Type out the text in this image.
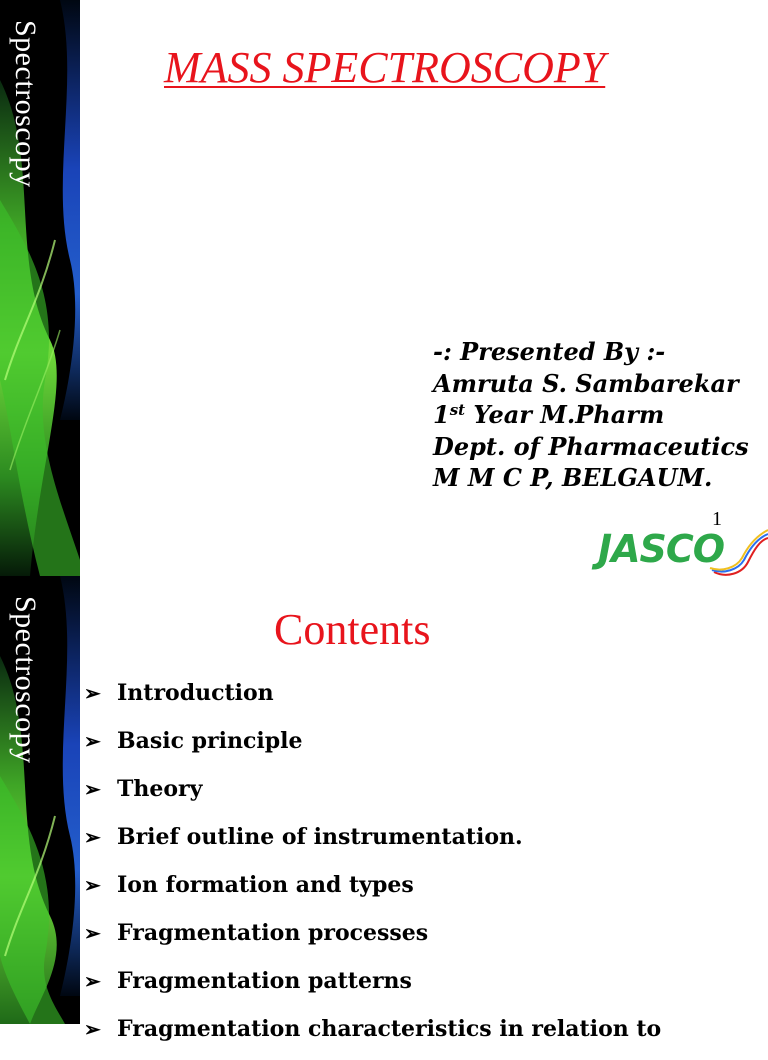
Spectroscopy	MASS SPECTROSCOPY
-: Presented By :-
Amruta S. Sambarekar
1st Year M.Pharm
Dept. of Pharmaceutics
M M C P, BELGAUM.
1
JASCO
Spectroscopy	Contents
➢ Introduction
➢ Basic principle
➢ Theory
➢ Brief outline of instrumentation.
➢ Ion formation and types
➢ Fragmentation processes
➢ Fragmentation patterns
➢ Fragmentation characteristics in relation to
